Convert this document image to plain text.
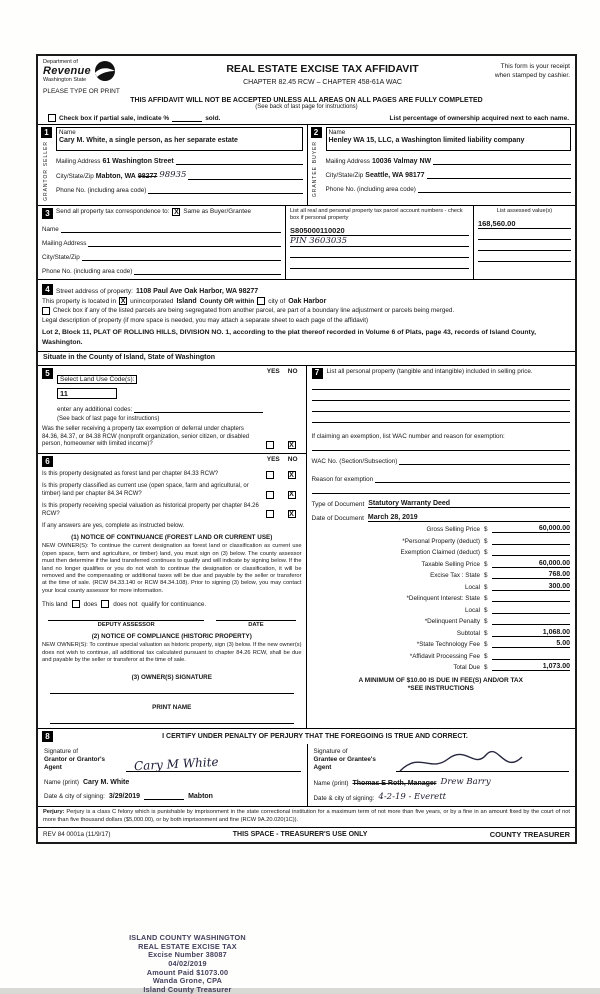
Department of
Revenue
Washington State
PLEASE TYPE OR PRINT
REAL ESTATE EXCISE TAX AFFIDAVIT
CHAPTER 82.45 RCW – CHAPTER 458-61A WAC
This form is your receipt
when stamped by cashier.
THIS AFFIDAVIT WILL NOT BE ACCEPTED UNLESS ALL AREAS ON ALL PAGES ARE FULLY COMPLETED
(See back of last page for instructions)
Check box if partial sale, indicate %	sold.	List percentage of ownership acquired next to each name.
1
SELLER
GRANTOR
Name
Cary M. White, a single person, as her separate estate
Mailing Address 61 Washington Street
City/State/Zip Mabton, WA 98277 98935
Phone No. (including area code)
2
BUYER
GRANTEE
Name
Henley WA 15, LLC, a Washington limited liability company
Mailing Address 10036 Valmay NW
City/State/Zip Seattle, WA 98177
Phone No. (including area code)
3 Send all property tax correspondence to: X Same as Buyer/Grantee
Name
Mailing Address
City/State/Zip
Phone No. (including area code)
List all real and personal property tax parcel account numbers - check box if personal property
S805000110020
PIN 3603035
List assessed value(s)
168,560.00
4 Street address of property: 1108 Paul Ave Oak Harbor, WA 98277
This property is located in X unincorporated Island County OR within city of Oak Harbor
Check box if any of the listed parcels are being segregated from another parcel, are part of a boundary line adjustment or parcels being merged.
Legal description of property (if more space is needed, you may attach a separate sheet to each page of the affidavit)
Lot 2, Block 11, PLAT OF ROLLING HILLS, DIVISION NO. 1, according to the plat thereof recorded in Volume 6 of Plats, page 43, records of Island County, Washington.
Situate in the County of Island, State of Washington
5
Select Land Use Code(s):
11
enter any additional codes:
(See back of last page for instructions)
YES NO
Was the seller receiving a property tax exemption or deferral under chapters 84.36, 84.37, or 84.38 RCW (nonprofit organization, senior citizen, or disabled person, homeowner with limited income)?	X
6	YES NO
Is this property designated as forest land per chapter 84.33 RCW?	X
Is this property classified as current use (open space, farm and agricultural, or timber) land per chapter 84.34 RCW?	X
Is this property receiving special valuation as historical property per chapter 84.26 RCW?	X
If any answers are yes, complete as instructed below.
(1) NOTICE OF CONTINUANCE (FOREST LAND OR CURRENT USE)
NEW OWNER(S): To continue the current designation as forest land or classification as current use (open space, farm and agriculture, or timber) land, you must sign on (3) below. The county assessor must then determine if the land transferred continues to qualify and will indicate by signing below. If the land no longer qualifies or you do not wish to continue the designation or classification, it will be removed and the compensating or additional taxes will be due and payable by the seller or transferor at the time of sale. (RCW 84.33.140 or RCW 84.34.108). Prior to signing (3) below, you may contact your local county assessor for more information.
This land	does	does not qualify for continuance.
DEPUTY ASSESSOR	DATE
(2) NOTICE OF COMPLIANCE (HISTORIC PROPERTY)
NEW OWNER(S): To continue special valuation as historic property, sign (3) below. If the new owner(s) does not wish to continue, all additional tax calculated pursuant to chapter 84.26 RCW, shall be due and payable by the seller or transferor at the time of sale.
(3) OWNER(S) SIGNATURE
PRINT NAME
7	List all personal property (tangible and intangible) included in selling price.
If claiming an exemption, list WAC number and reason for exemption:
WAC No. (Section/Subsection)
Reason for exemption
Type of Document Statutory Warranty Deed
Date of Document March 28, 2019
Gross Selling Price $	60,000.00
*Personal Property (deduct) $
Exemption Claimed (deduct) $
Taxable Selling Price $	60,000.00
Excise Tax : State $	768.00
Local $	300.00
*Delinquent Interest: State $
Local $
*Delinquent Penalty $
Subtotal $	1,068.00
*State Technology Fee $	5.00
*Affidavit Processing Fee $
Total Due $	1,073.00
A MINIMUM OF $10.00 IS DUE IN FEE(S) AND/OR TAX
*SEE INSTRUCTIONS
8	I CERTIFY UNDER PENALTY OF PERJURY THAT THE FOREGOING IS TRUE AND CORRECT.
Signature of
Grantor or Grantor's Agent	Cary M White
Name (print) Cary M. White
Date & city of signing: 3/29/2019	Mabton
Signature of
Grantee or Grantee's Agent
Name (print) Thomas E Roth, Manager Drew Barry
Date & city of signing: 4-2-19 - Everett
Perjury: Perjury is a class C felony which is punishable by imprisonment in the state correctional institution for a maximum term of not more than five years, or by a fine in an amount fixed by the court of not more than five thousand dollars ($5,000.00), or by both imprisonment and fine (RCW 9A.20.020(1C)).
REV 84 0001a (11/9/17)	THIS SPACE - TREASURER'S USE ONLY	COUNTY TREASURER
ISLAND COUNTY WASHINGTON
REAL ESTATE EXCISE TAX
Excise Number 38087
04/02/2019
Amount Paid $1073.00
Wanda Grone, CPA
Island County Treasurer
